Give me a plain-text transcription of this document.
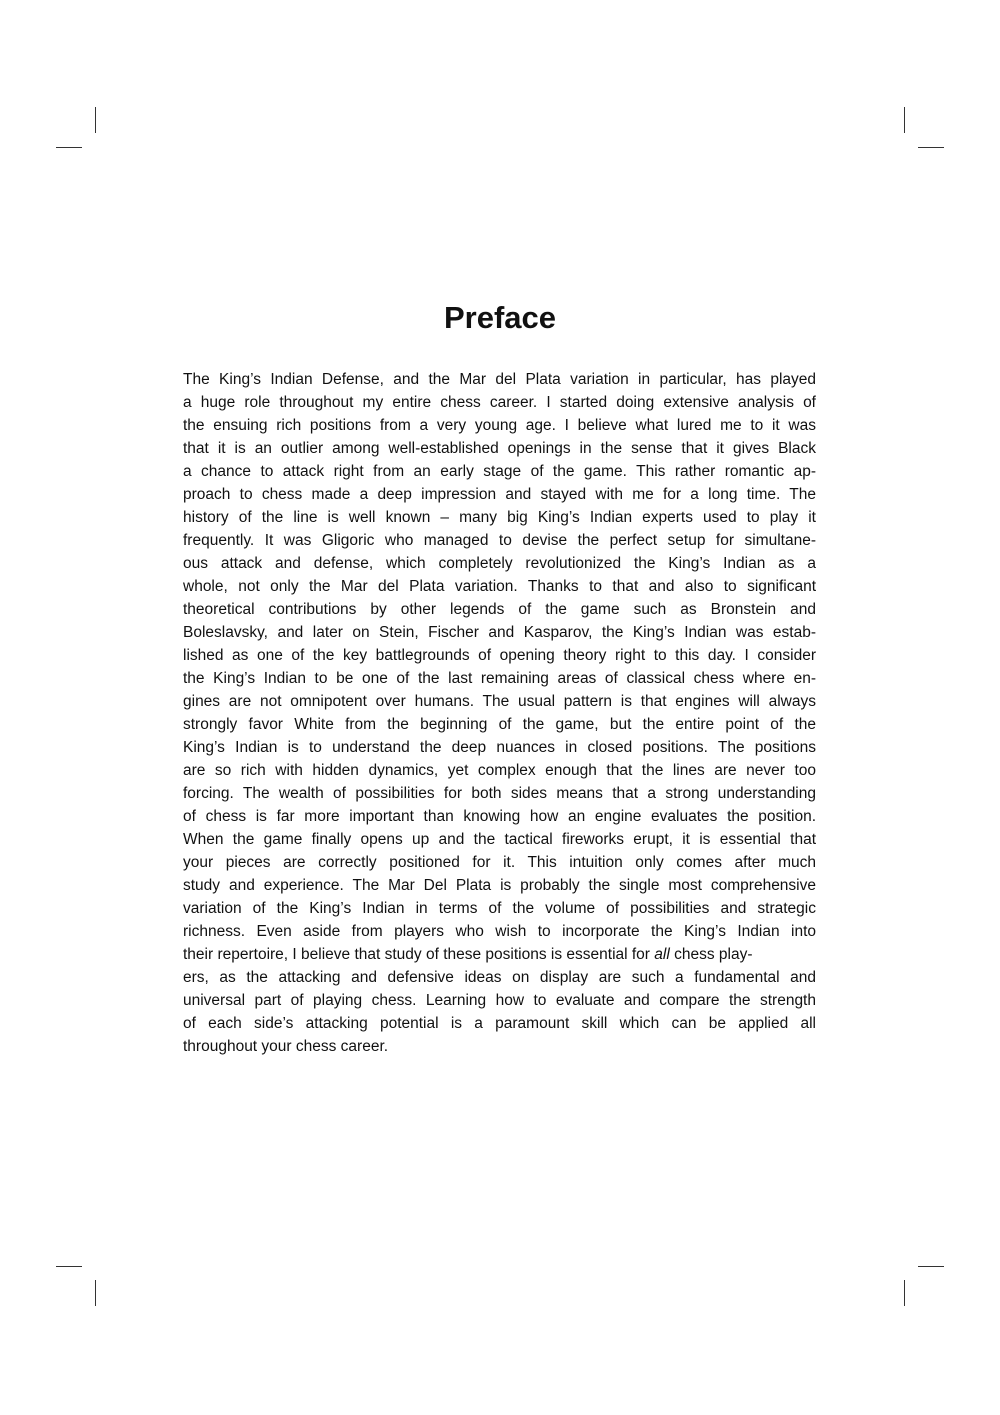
Preface
The King’s Indian Defense, and the Mar del Plata variation in particular, has played
a huge role throughout my entire chess career. I started doing extensive analysis of
the ensuing rich positions from a very young age. I believe what lured me to it was
that it is an outlier among well-established openings in the sense that it gives Black
a chance to attack right from an early stage of the game. This rather romantic ap-
proach to chess made a deep impression and stayed with me for a long time. The
history of the line is well known – many big King’s Indian experts used to play it
frequently. It was Gligoric who managed to devise the perfect setup for simultane-
ous attack and defense, which completely revolutionized the King’s Indian as a
whole, not only the Mar del Plata variation. Thanks to that and also to significant
theoretical contributions by other legends of the game such as Bronstein and
Boleslavsky, and later on Stein, Fischer and Kasparov, the King’s Indian was estab-
lished as one of the key battlegrounds of opening theory right to this day. I consider
the King’s Indian to be one of the last remaining areas of classical chess where en-
gines are not omnipotent over humans. The usual pattern is that engines will always
strongly favor White from the beginning of the game, but the entire point of the
King’s Indian is to understand the deep nuances in closed positions. The positions
are so rich with hidden dynamics, yet complex enough that the lines are never too
forcing. The wealth of possibilities for both sides means that a strong understanding
of chess is far more important than knowing how an engine evaluates the position.
When the game finally opens up and the tactical fireworks erupt, it is essential that
your pieces are correctly positioned for it. This intuition only comes after much
study and experience. The Mar Del Plata is probably the single most comprehensive
variation of the King’s Indian in terms of the volume of possibilities and strategic
richness. Even aside from players who wish to incorporate the King’s Indian into
their repertoire, I believe that study of these positions is essential for all chess play-
ers, as the attacking and defensive ideas on display are such a fundamental and
universal part of playing chess. Learning how to evaluate and compare the strength
of each side’s attacking potential is a paramount skill which can be applied all
throughout your chess career.
